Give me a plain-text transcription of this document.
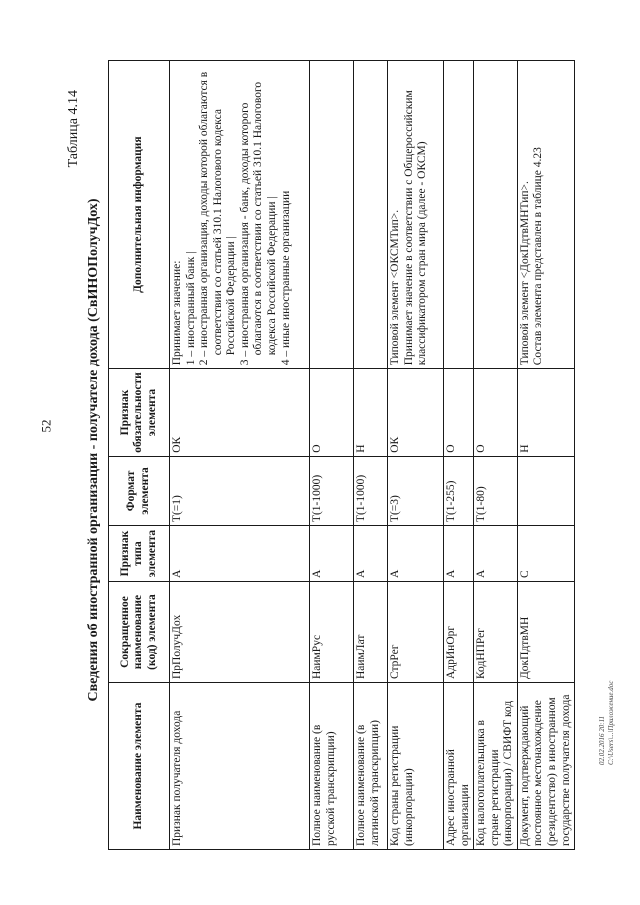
52
Таблица 4.14
Сведения об иностранной организации - получателе дохода (СвИНОПолучДох)
Наименование элемента	Сокращенное наименование (код) элемента	Признак типа элемента	Формат элемента	Признак обязательности элемента	Дополнительная информация
Признак получателя дохода	ПрПолучДох	А	Т(=1)	ОК	Принимает значение: 1 – иностранный банк | 2 – иностранная организация, доходы которой облагаются в соответствии со статьей 310.1 Налогового кодекса Российской Федерации | 3 – иностранная организация - банк, доходы которого облагаются в соответствии со статьей 310.1 Налогового кодекса Российской Федерации | 4 – иные иностранные организации

Полное наименование (в русской транскрипции)	НаимРус	А	Т(1-1000)	О	
Полное наименование (в латинской транскрипции)	НаимЛат	А	Т(1-1000)	Н	
Код страны регистрации (инкорпорации)	СтрРег	А	Т(=3)	ОК	Типовой элемент <ОКСМТип>. Принимает значение в соответствии с Общероссийским классификатором стран мира (далее - ОКСМ)

Адрес иностранной организации	АдрИнОрг	А	Т(1-255)	О	
Код налогоплательщика в стране регистрации (инкорпорации) / СВИФТ код	КодНПРег	А	Т(1-80)	О	
Документ, подтверждающий постоянное местонахождение (резидентство) в иностранном государстве получателя дохода	ДокПдтвМН	С		Н	Типовой элемент <ДокПдтвМНТип>. Состав элемента представлен в таблице 4.23
02.02.2016 20:11 C:\Users\...\Приложение.doc
